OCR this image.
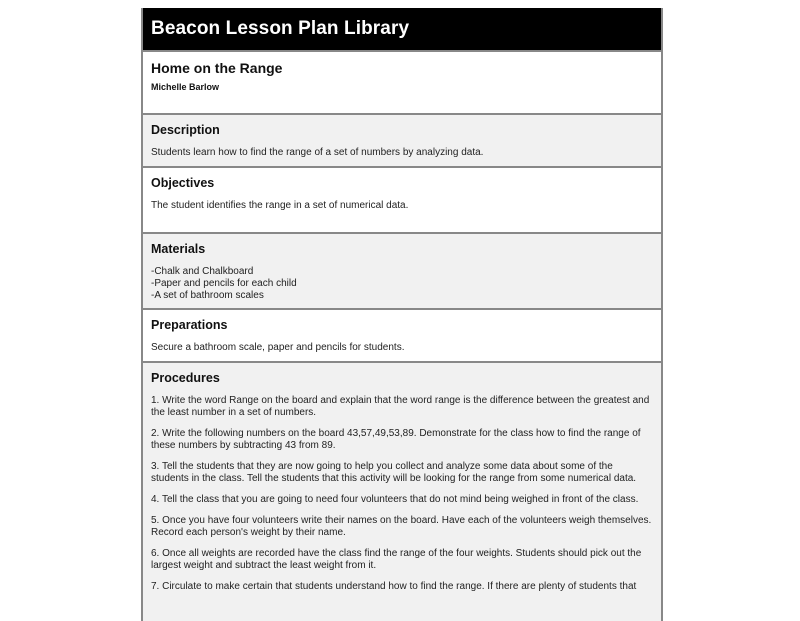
Beacon Lesson Plan Library
Home on the Range
Michelle Barlow
Description

Students learn how to find the range of a set of numbers by analyzing data.

Objectives

The student identifies the range in a set of numerical data.

Materials
-Chalk and Chalkboard
-Paper and pencils for each child
-A set of bathroom scales
Preparations

Secure a bathroom scale, paper and pencils for students.

Procedures

1. Write the word Range on the board and explain that the word range is the difference between the greatest and the least number in a set of numbers.

2. Write the following numbers on the board 43,57,49,53,89. Demonstrate for the class how to find the range of these numbers by subtracting 43 from 89.

3. Tell the students that they are now going to help you collect and analyze some data about some of the students in the class. Tell the students that this activity will be looking for the range from some numerical data.

4. Tell the class that you are going to need four volunteers that do not mind being weighed in front of the class.

5. Once you have four volunteers write their names on the board. Have each of the volunteers weigh themselves. Record each person's weight by their name.

6. Once all weights are recorded have the class find the range of the four weights. Students should pick out the largest weight and subtract the least weight from it.

7. Circulate to make certain that students understand how to find the range. If there are plenty of students that
